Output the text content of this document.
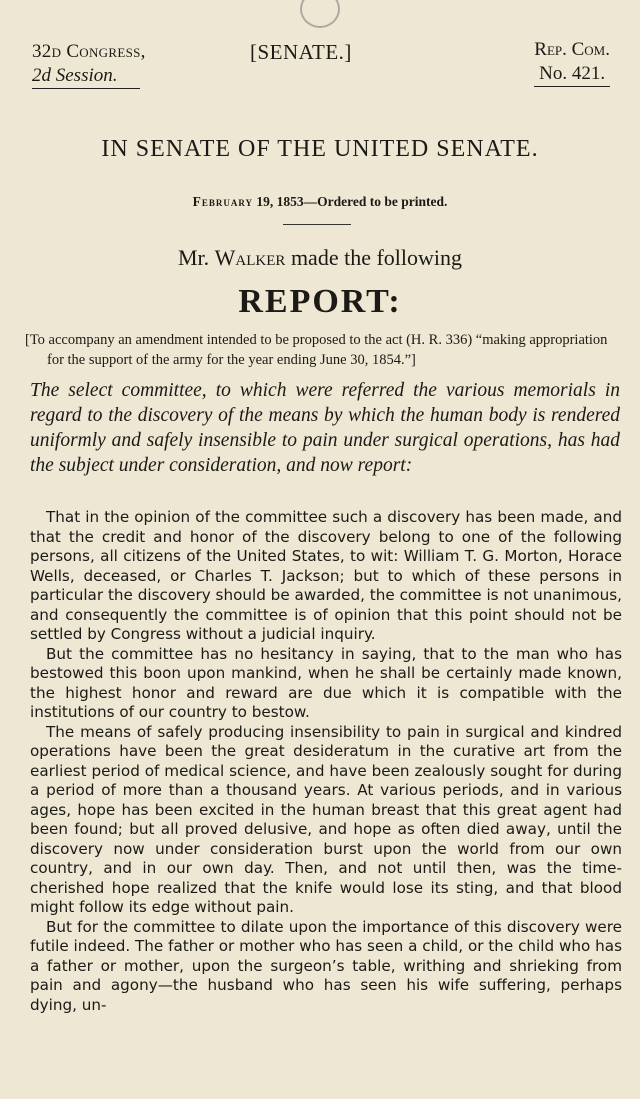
32d Congress,
2d Session.
[SENATE.]	Rep. Com.
No. 421.
IN SENATE OF THE UNITED SENATE.
February 19, 1853—Ordered to be printed.
Mr. Walker made the following
REPORT:
[To accompany an amendment intended to be proposed to the act (H. R. 336) “making appropriation for the support of the army for the year ending June 30, 1854.”]
The select committee, to which were referred the various memorials in regard to the discovery of the means by which the human body is rendered uniformly and safely insensible to pain under surgical operations, has had the subject under consideration, and now report:

That in the opinion of the committee such a discovery has been made, and that the credit and honor of the discovery belong to one of the following persons, all citizens of the United States, to wit: William T. G. Morton, Horace Wells, deceased, or Charles T. Jackson; but to which of these persons in particular the discovery should be awarded, the committee is not unanimous, and consequently the committee is of opinion that this point should not be settled by Congress without a judicial inquiry.

But the committee has no hesitancy in saying, that to the man who has bestowed this boon upon mankind, when he shall be certainly made known, the highest honor and reward are due which it is compatible with the institutions of our country to bestow.

The means of safely producing insensibility to pain in surgical and kindred operations have been the great desideratum in the curative art from the earliest period of medical science, and have been zealously sought for during a period of more than a thousand years. At various periods, and in various ages, hope has been excited in the human breast that this great agent had been found; but all proved delusive, and hope as often died away, until the discovery now under consideration burst upon the world from our own country, and in our own day. Then, and not until then, was the time-cherished hope realized that the knife would lose its sting, and that blood might follow its edge without pain.

But for the committee to dilate upon the importance of this discovery were futile indeed. The father or mother who has seen a child, or the child who has a father or mother, upon the surgeon’s table, writhing and shrieking from pain and agony—the husband who has seen his wife suffering, perhaps dying, un-
